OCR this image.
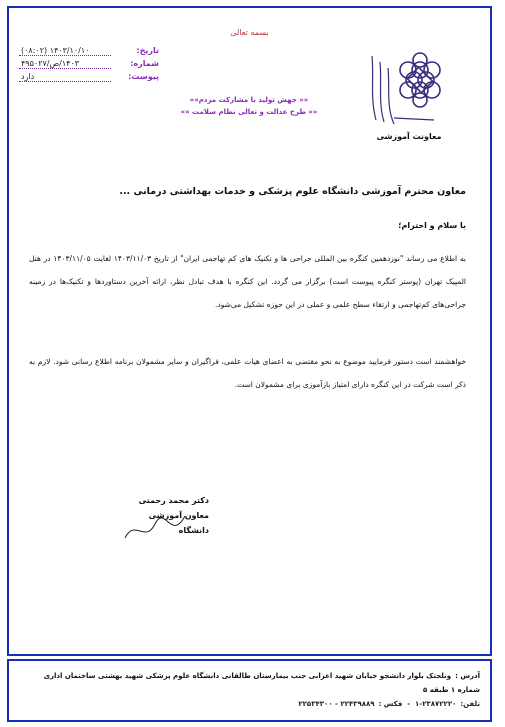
بسمه تعالی
معاونت آموزشی
تاریخ:
۱۴۰۳/۱۰/۱۰ (۰۸:۰۲)
شماره:
۱۴۰۳/ص/۴۹۵۰۲۷
پیوست:
دارد
«« جهش تولید با مشارکت مردم»»
«« طرح عدالت و تعالی نظام سلامت »»
معاون محترم آموزشی دانشگاه علوم پزشکی و خدمات بهداشتی درمانی ...
با سلام و احترام؛
به اطلاع می رساند "نوزدهمین کنگره بین المللی جراحی ها و تکنیک های کم تهاجمی ایران" از تاریخ ۱۴۰۳/۱۱/۰۳ لغایت ۱۴۰۳/۱۱/۰۵ در هتل المپیک تهران (پوستر کنگره پیوست است) برگزار می گردد. این کنگره با هدف تبادل نظر، ارائه آخرین دستاوردها و تکنیک‌ها در زمینه جراحی‌های کم‌تهاجمی و ارتقاء سطح علمی و عملی در این حوزه تشکیل می‌شود.
خواهشمند است دستور فرمایید موضوع به نحو مقتضی به اعضای هیات علمی، فراگیران و سایر مشمولان برنامه اطلاع رسانی شود. لازم به ذکر است شرکت در این کنگره دارای امتیاز بازآموزی برای مشمولان است.
دکتر محمد رحمتی
معاون آموزشی دانشگاه
آدرس :ونلجتک بلوار دانشجو خیابان شهید اعرابی جنب بیمارستان طالقانی دانشگاه علوم پزشکی شهید بهشتی ساختمان اداری شماره ۱ طبقه ۵
تلفن:۲۳۸۷۲۲۲۰-۱  -  فکس :۲۲۴۳۹۸۸۹ - ۲۲۵۳۴۳۰۰
